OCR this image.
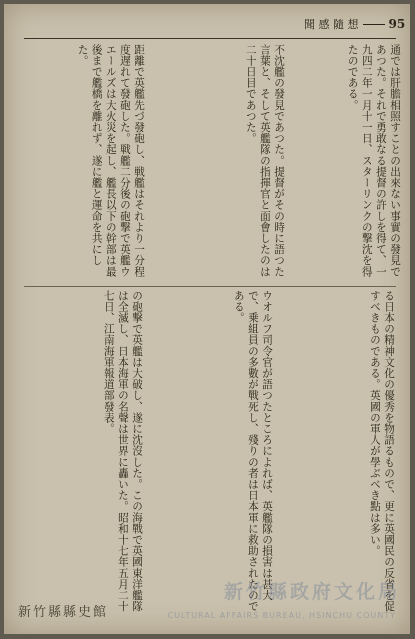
聞 感 隨 想	95
通では肝膽相照すことの出來ない事實の發見であつた。それで勇敢なる提督の許しを得て、一九四二年一月十一日、スターリンクの撃沈を得たのである。
不沈艦の發見であつた。提督がその時に語つた言葉と、そして英艦隊の指揮官と面會したのは二十日目であつた。
距離で英艦先づ發砲し、戦艦はそれより一分程度遅れて發砲した。戦艦二分後の砲撃で英艦ウエールズは大火災を起し、艦長以下の幹部は最後まで艦橋を離れず、遂に艦と運命を共にした。
る日本の精神文化の優秀を物語るもので、更に英國民の反省を促すべきものである。英國の軍人が學ぶべき點は多い。
ウオルフ司令官が語つたところによれば、英艦隊の損害は甚大で、乗組員の多數が戰死し、殘りの者は日本軍に救助されたのである。
の砲撃で英艦は大破し、遂に沈沒した。この海戰で英國東洋艦隊は全滅し、日本海軍の名聲は世界に轟いた。昭和十七年五月二十七日、江南海軍報道部發表。
新竹縣縣史館
新竹縣政府文化局
CULTURAL AFFAIRS BUREAU, HSINCHU COUNTY
